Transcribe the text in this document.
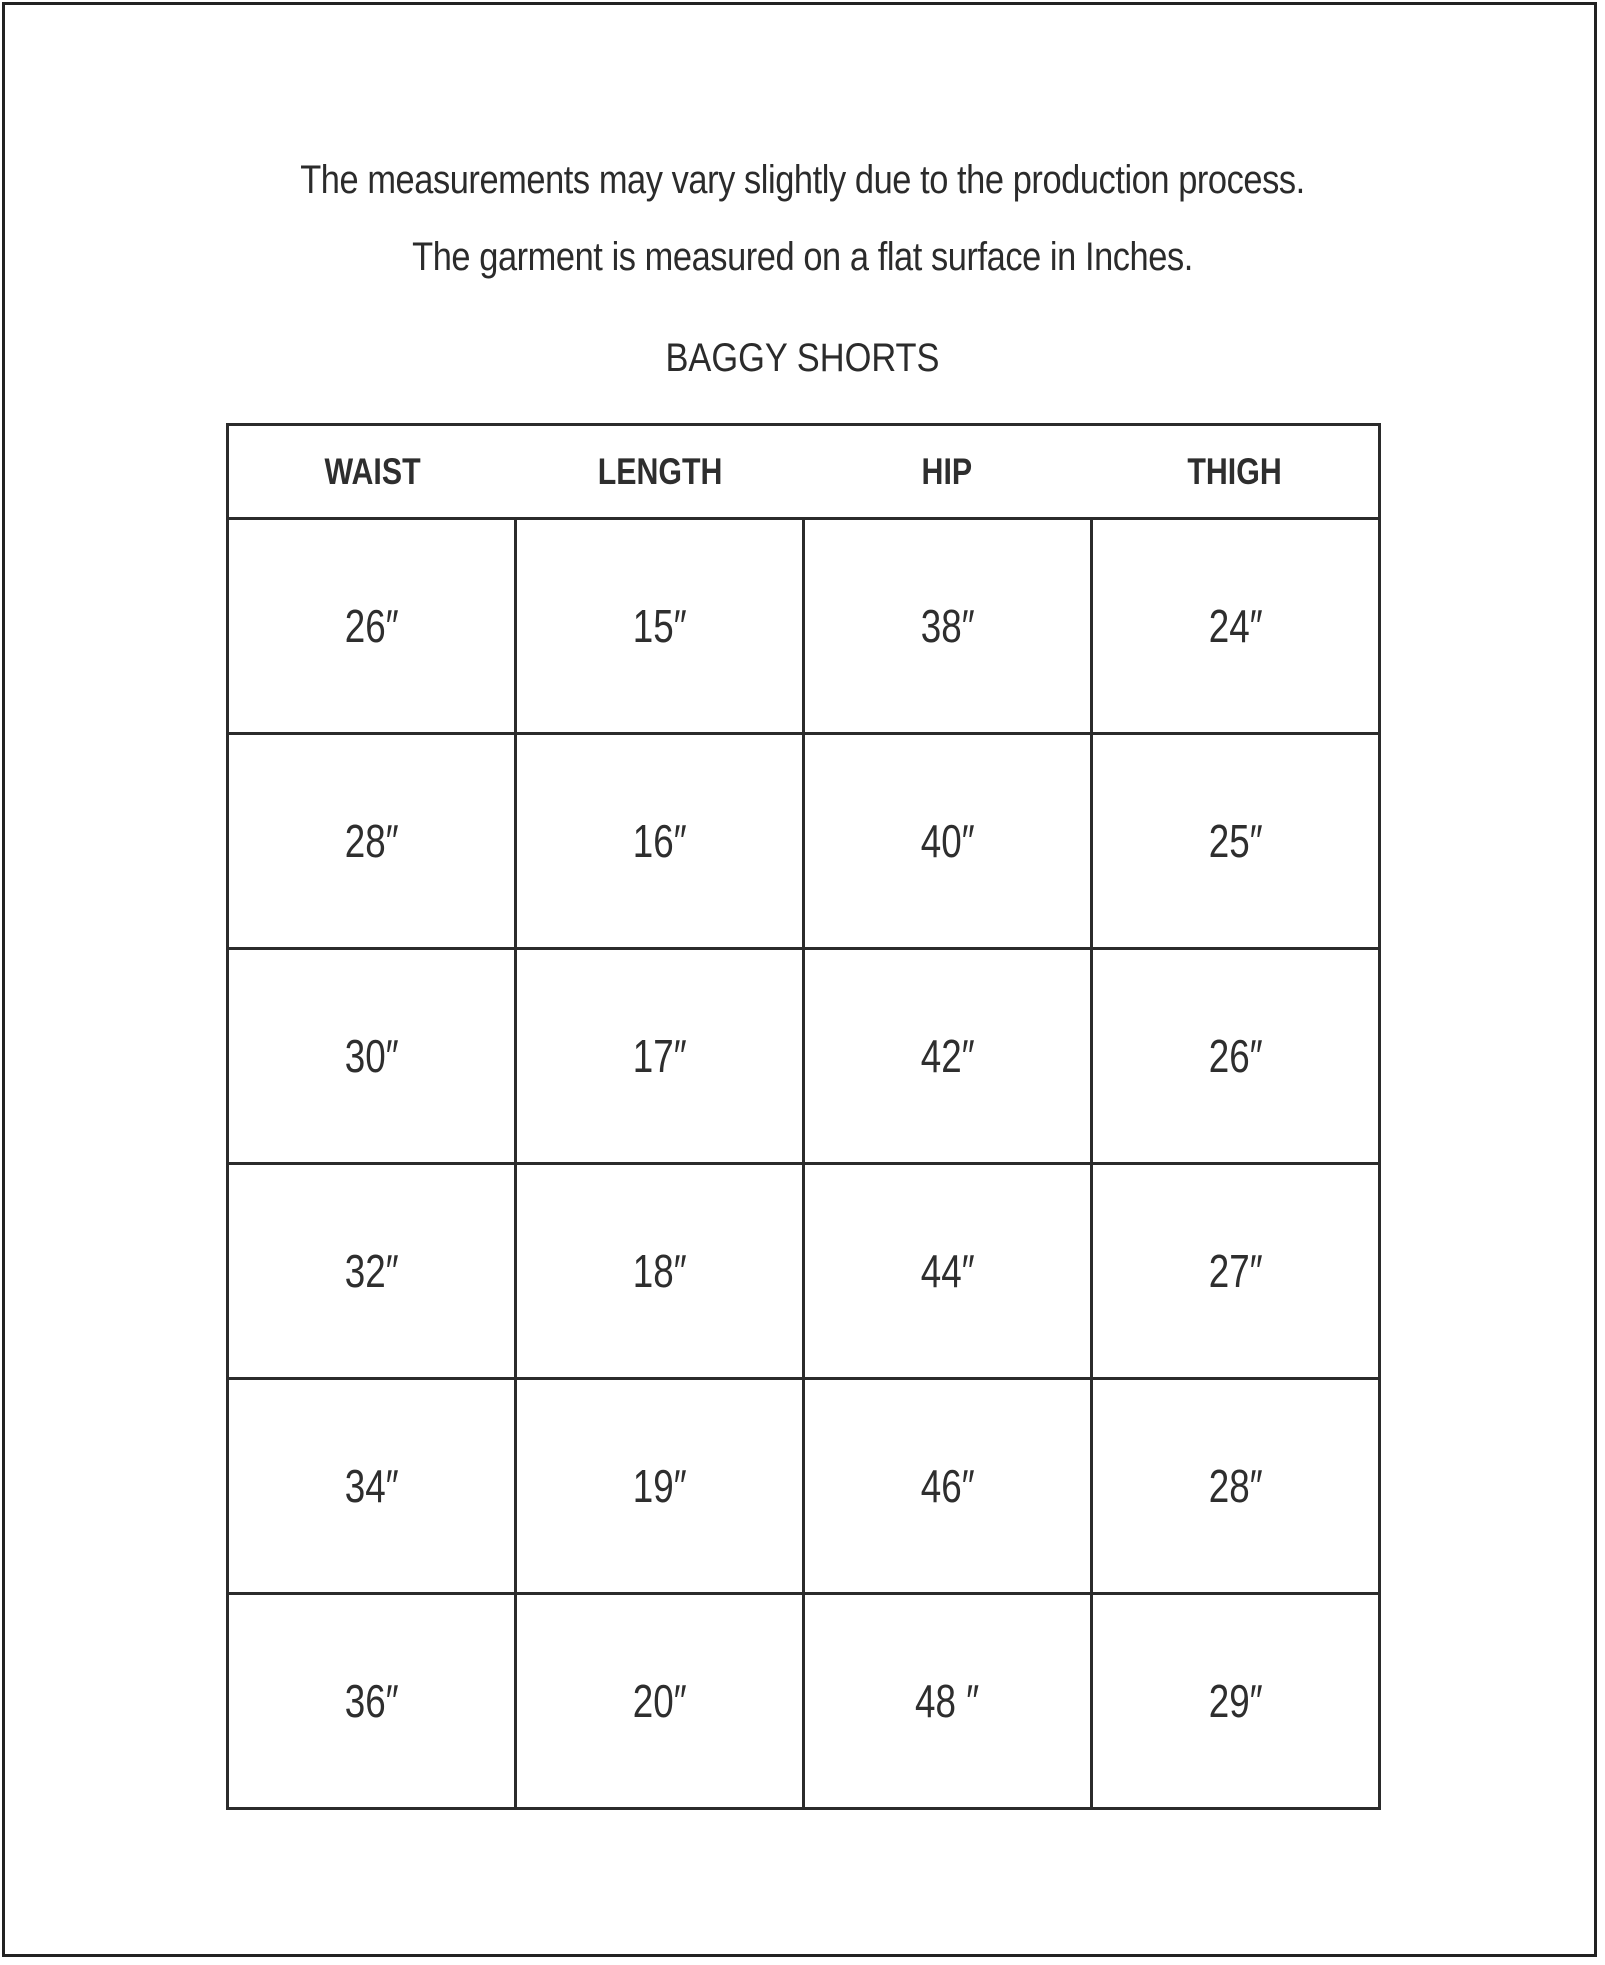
The measurements may vary slightly due to the production process.
The garment is measured on a flat surface in Inches.
BAGGY SHORTS
WAIST	LENGTH	HIP	THIGH
26″	15″	38″	24″
28″	16″	40″	25″
30″	17″	42″	26″
32″	18″	44″	27″
34″	19″	46″	28″
36″	20″	48 ″	29″
